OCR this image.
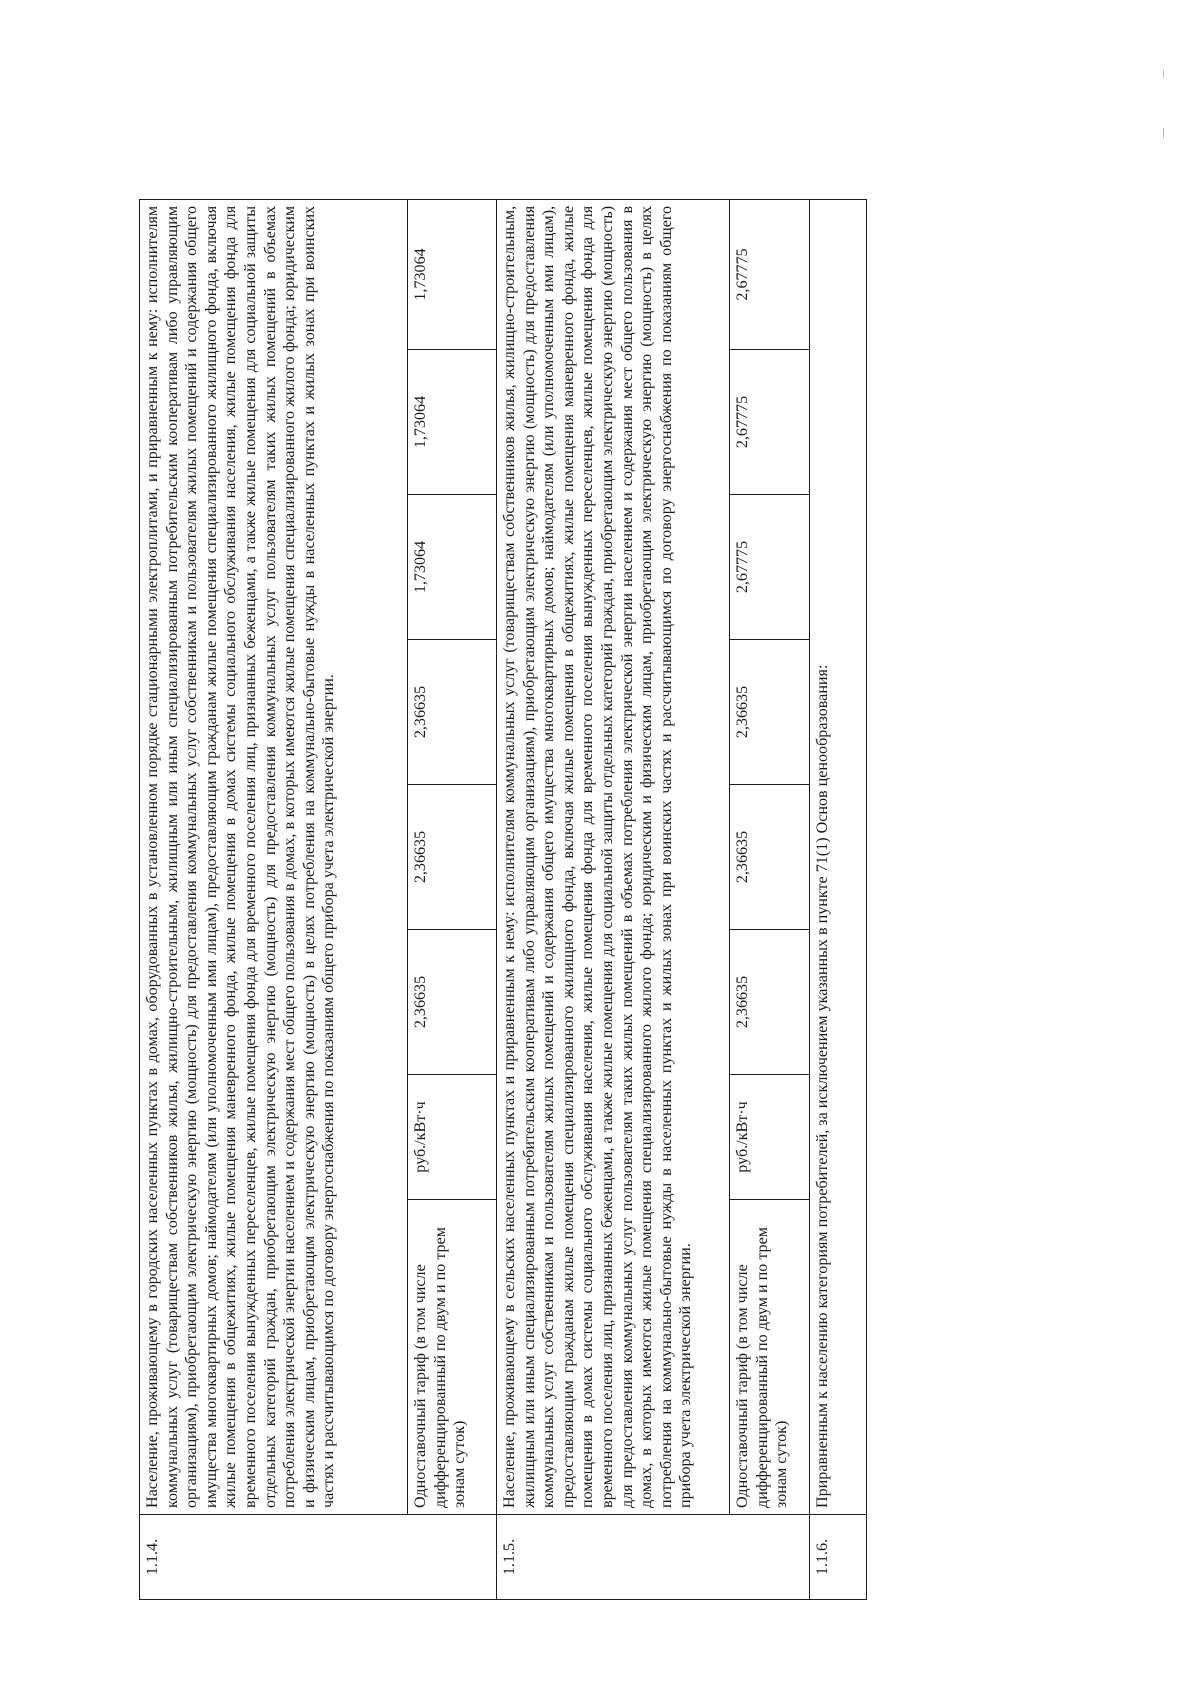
1.1.4.	Население, проживающему в городских населенных пунктах в домах, оборудованных в установленном порядке стационарными электроплитами, и приравненным к нему: исполнителям коммунальных услуг (товариществам собственников жилья, жилищно-строительным, жилищным или иным специализированным потребительским кооперативам либо управляющим организациям), приобретающим электрическую энергию (мощность) для предоставления коммунальных услуг собственникам и пользователям жилых помещений и содержания общего имущества многоквартирных домов; наймодателям (или уполномоченным ими лицам), предоставляющим гражданам жилые помещения специализированного жилищного фонда, включая жилые помещения в общежитиях, жилые помещения маневренного фонда, жилые помещения в домах системы социального обслуживания населения, жилые помещения фонда для временного поселения вынужденных переселенцев, жилые помещения фонда для временного поселения лиц, признанных беженцами, а также жилые помещения для социальной защиты отдельных категорий граждан, приобретающим электрическую энергию (мощность) для предоставления коммунальных услуг пользователям таких жилых помещений в объемах потребления электрической энергии населением и содержания мест общего пользования в домах, в которых имеются жилые помещения специализированного жилого фонда; юридическим и физическим лицам, приобретающим электрическую энергию (мощность) в целях потребления на коммунально-бытовые нужды в населенных пунктах и жилых зонах при воинских частях и рассчитывающимся по договору энергоснабжения по показаниям общего прибора учета электрической энергии.							
	Одноставочный тариф (в том числе дифференцированный по двум и по трем зонам суток)	руб./кВт·ч	2,36635	2,36635	2,36635	1,73064	1,73064	1,73064
1.1.5.	Население, проживающему в сельских населенных пунктах и приравненным к нему: исполнителям коммунальных услуг (товариществам собственников жилья, жилищно-строительным, жилищным или иным специализированным потребительским кооперативам либо управляющим организациям), приобретающим электрическую энергию (мощность) для предоставления коммунальных услуг собственникам и пользователям жилых помещений и содержания общего имущества многоквартирных домов; наймодателям (или уполномоченным ими лицам), предоставляющим гражданам жилые помещения специализированного жилищного фонда, включая жилые помещения в общежитиях, жилые помещения маневренного фонда, жилые помещения в домах системы социального обслуживания населения, жилые помещения фонда для временного поселения вынужденных переселенцев, жилые помещения фонда для временного поселения лиц, признанных беженцами, а также жилые помещения для социальной защиты отдельных категорий граждан, приобретающим электрическую энергию (мощность) для предоставления коммунальных услуг пользователям таких жилых помещений в объемах потребления электрической энергии населением и содержания мест общего пользования в домах, в которых имеются жилые помещения специализированного жилого фонда; юридическим и физическим лицам, приобретающим электрическую энергию (мощность) в целях потребления на коммунально-бытовые нужды в населенных пунктах и жилых зонах при воинских частях и рассчитывающимся по договору энергоснабжения по показаниям общего прибора учета электрической энергии.							
	Одноставочный тариф (в том числе дифференцированный по двум и по трем зонам суток)	руб./кВт·ч	2,36635	2,36635	2,36635	2,67775	2,67775	2,67775
1.1.6.	Приравненным к населению категориям потребителей, за исключением указанных в пункте 71(1) Основ ценообразования:							
